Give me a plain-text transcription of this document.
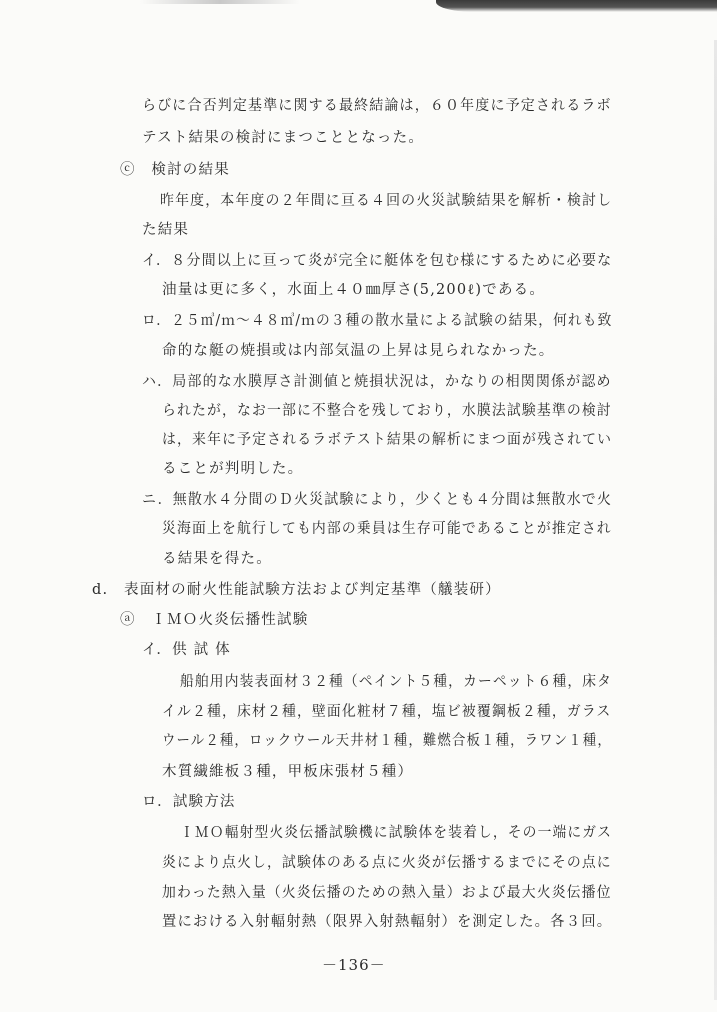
らびに合否判定基準に関する最終結論は，６０年度に予定されるラボ
テスト結果の検討にまつこととなった。
ⓒ　検討の結果
昨年度，本年度の２年間に亘る４回の火災試験結果を解析・検討し
た結果
イ．８分間以上に亘って炎が完全に艇体を包む様にするために必要な
油量は更に多く，水面上４０㎜厚さ(5,200ℓ)である。
ロ．２５㎥/ｍ～４８㎥/ｍの３種の散水量による試験の結果，何れも致
命的な艇の焼損或は内部気温の上昇は見られなかった。
ハ．局部的な水膜厚さ計測値と焼損状況は，かなりの相関関係が認め
られたが，なお一部に不整合を残しており，水膜法試験基準の検討
は，来年に予定されるラボテスト結果の解析にまつ面が残されてい
ることが判明した。
ニ．無散水４分間のＤ火災試験により，少くとも４分間は無散水で火
災海面上を航行しても内部の乗員は生存可能であることが推定され
る結果を得た。
d.　表面材の耐火性能試験方法および判定基準（艤装研）
ⓐ　ＩＭＯ火炎伝播性試験
イ．供 試 体
船舶用内装表面材３２種（ペイント５種，カーペット６種，床タ
イル２種，床材２種，壁面化粧材７種，塩ビ被覆鋼板２種，ガラス
ウール２種，ロックウール天井材１種，難燃合板１種，ラワン１種，
木質繊維板３種，甲板床張材５種）
ロ．試験方法
ＩＭＯ輻射型火炎伝播試験機に試験体を装着し，その一端にガス
炎により点火し，試験体のある点に火炎が伝播するまでにその点に
加わった熱入量（火炎伝播のための熱入量）および最大火炎伝播位
置における入射輻射熱（限界入射熱輻射）を測定した。各３回。
－136－
